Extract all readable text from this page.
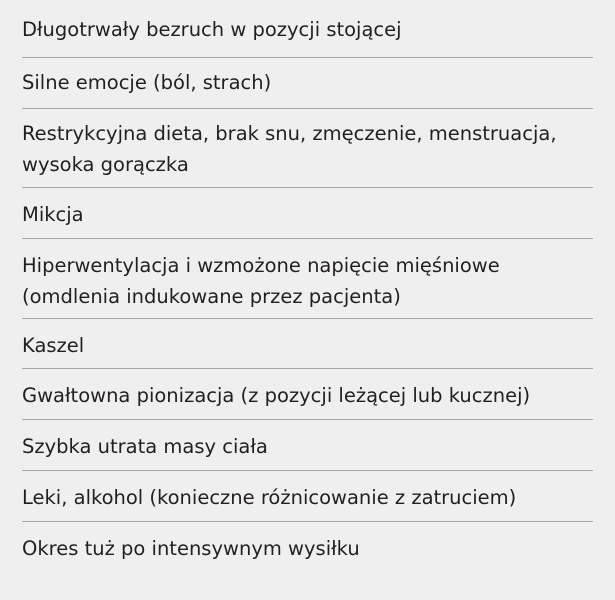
Długotrwały bezruch w pozycji stojącej
Silne emocje (ból, strach)
Restrykcyjna dieta, brak snu, zmęczenie, menstruacja,
wysoka gorączka
Mikcja
Hiperwentylacja i wzmożone napięcie mięśniowe
(omdlenia indukowane przez pacjenta)
Kaszel
Gwałtowna pionizacja (z pozycji leżącej lub kucznej)
Szybka utrata masy ciała
Leki, alkohol (konieczne różnicowanie z zatruciem)
Okres tuż po intensywnym wysiłku
